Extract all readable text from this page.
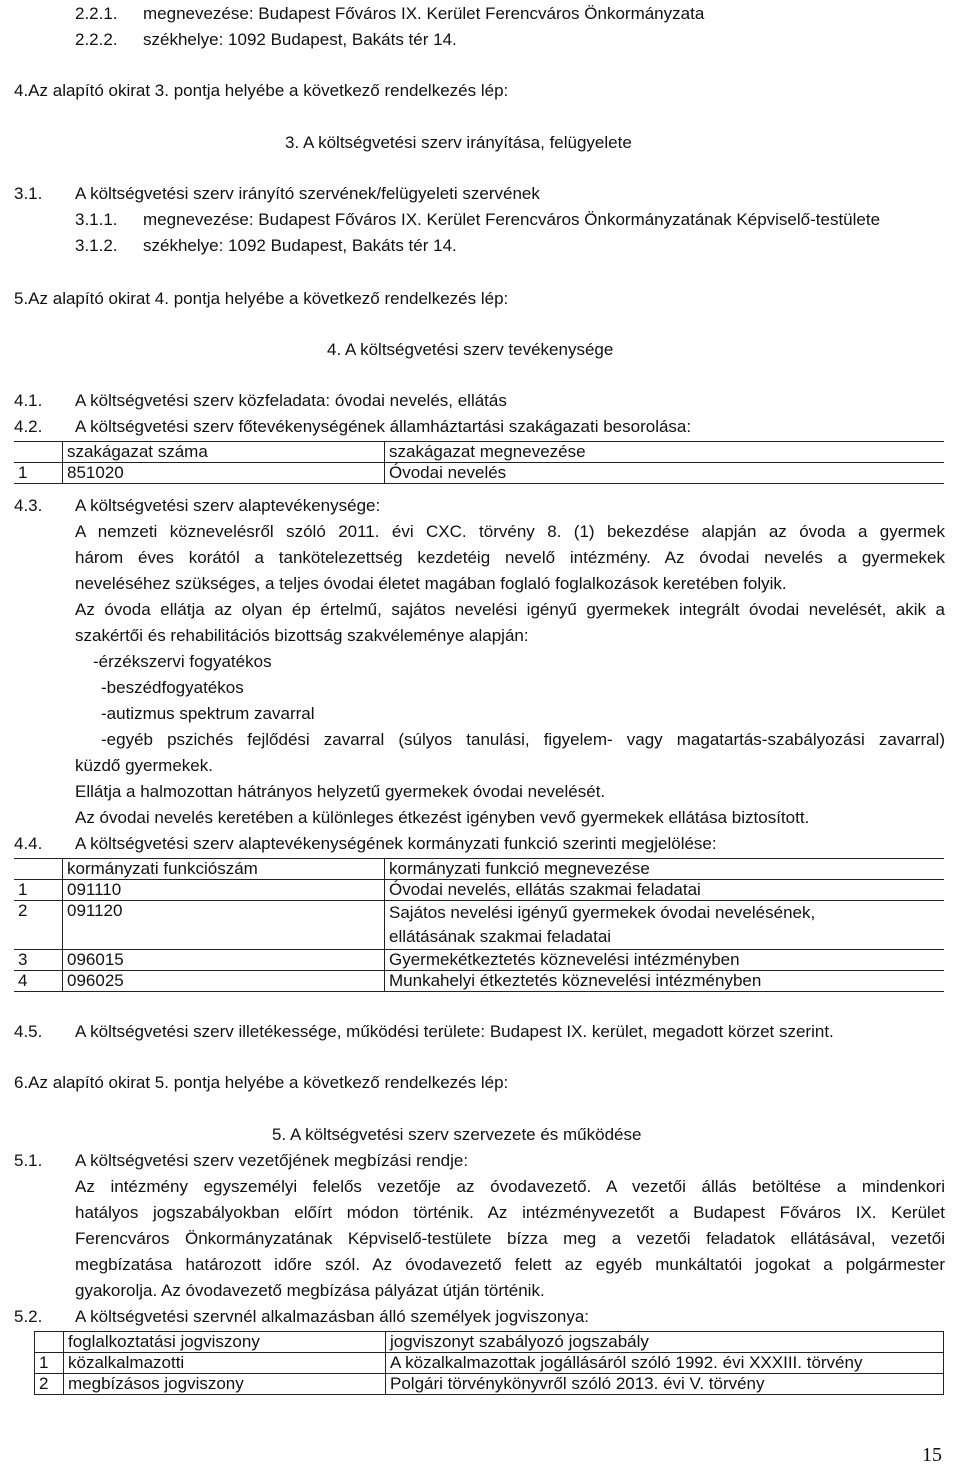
2.2.1. megnevezése: Budapest Főváros IX. Kerület Ferencváros Önkormányzata
2.2.2. székhelye: 1092 Budapest, Bakáts tér 14.
4.Az alapító okirat 3. pontja helyébe a következő rendelkezés lép:
3. A költségvetési szerv irányítása, felügyelete
3.1. A költségvetési szerv irányító szervének/felügyeleti szervének
3.1.1. megnevezése: Budapest Főváros IX. Kerület Ferencváros Önkormányzatának Képviselő-testülete
3.1.2. székhelye: 1092 Budapest, Bakáts tér 14.
5.Az alapító okirat 4. pontja helyébe a következő rendelkezés lép:
4. A költségvetési szerv tevékenysége
4.1. A költségvetési szerv közfeladata: óvodai nevelés, ellátás
4.2. A költségvetési szerv főtevékenységének államháztartási szakágazati besorolása:
	szakágazat száma	szakágazat megnevezése
1	851020	Óvodai nevelés
4.3. A költségvetési szerv alaptevékenysége:
A nemzeti köznevelésről szóló 2011. évi CXC. törvény 8. (1) bekezdése alapján az óvoda a gyermek
három éves korától a tankötelezettség kezdetéig nevelő intézmény. Az óvodai nevelés a gyermekek
neveléséhez szükséges, a teljes óvodai életet magában foglaló foglalkozások keretében folyik.
Az óvoda ellátja az olyan ép értelmű, sajátos nevelési igényű gyermekek integrált óvodai nevelését, akik a
szakértői és rehabilitációs bizottság szakvéleménye alapján:
-érzékszervi fogyatékos
-beszédfogyatékos
-autizmus spektrum zavarral
-egyéb pszichés fejlődési zavarral (súlyos tanulási, figyelem- vagy magatartás-szabályozási zavarral)
küzdő gyermekek.
Ellátja a halmozottan hátrányos helyzetű gyermekek óvodai nevelését.
Az óvodai nevelés keretében a különleges étkezést igényben vevő gyermekek ellátása biztosított.
4.4. A költségvetési szerv alaptevékenységének kormányzati funkció szerinti megjelölése:
	kormányzati funkciószám	kormányzati funkció megnevezése
1	091110	Óvodai nevelés, ellátás szakmai feladatai
2	091120	Sajátos nevelési igényű gyermekek óvodai nevelésének,
ellátásának szakmai feladatai

3	096015	Gyermekétkeztetés köznevelési intézményben
4	096025	Munkahelyi étkeztetés köznevelési intézményben
4.5. A költségvetési szerv illetékessége, működési területe: Budapest IX. kerület, megadott körzet szerint.
6.Az alapító okirat 5. pontja helyébe a következő rendelkezés lép:
5. A költségvetési szerv szervezete és működése
5.1. A költségvetési szerv vezetőjének megbízási rendje:
Az intézmény egyszemélyi felelős vezetője az óvodavezető. A vezetői állás betöltése a mindenkori
hatályos jogszabályokban előírt módon történik. Az intézményvezetőt a Budapest Főváros IX. Kerület
Ferencváros Önkormányzatának Képviselő-testülete bízza meg a vezetői feladatok ellátásával, vezetői
megbízatása határozott időre szól. Az óvodavezető felett az egyéb munkáltatói jogokat a polgármester
gyakorolja. Az óvodavezető megbízása pályázat útján történik.
5.2. A költségvetési szervnél alkalmazásban álló személyek jogviszonya:
	foglalkoztatási jogviszony	jogviszonyt szabályozó jogszabály
1	közalkalmazotti	A közalkalmazottak jogállásáról szóló 1992. évi XXXIII. törvény
2	megbízásos jogviszony	Polgári törvénykönyvről szóló 2013. évi V. törvény
15
